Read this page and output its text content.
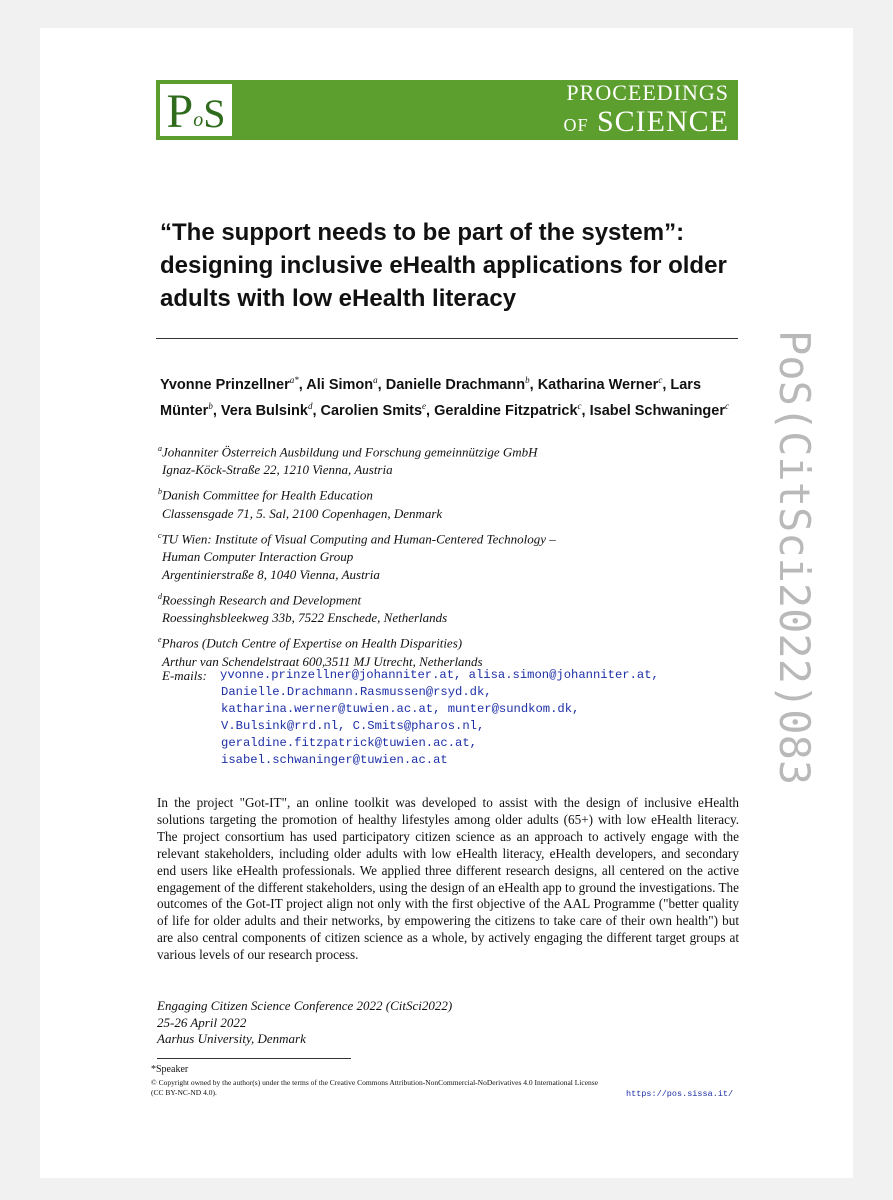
P o S	PROCEEDINGS
OF SCIENCE
“The support needs to be part of the system”: designing inclusive eHealth applications for older adults with low eHealth literacy
Yvonne Prinzellner$^{a*}$, Ali Simon$^a$, Danielle Drachmann$^b$, Katharina Werner$^c$, Lars Münter$^b$, Vera Bulsink$^d$, Carolien Smits$^e$, Geraldine Fitzpatrick$^c$, Isabel Schwaninger$^c$
$^a$Johanniter Österreich Ausbildung und Forschung gemeinnützige GmbH
Ignaz-Köck-Straße 22, 1210 Vienna, Austria
$^b$Danish Committee for Health Education
Classensgade 71, 5. Sal, 2100 Copenhagen, Denmark
$^c$TU Wien: Institute of Visual Computing and Human-Centered Technology –
Human Computer Interaction Group
Argentinierstraße 8, 1040 Vienna, Austria
$^d$Roessingh Research and Development
Roessinghsbleekweg 33b, 7522 Enschede, Netherlands
$^e$Pharos (Dutch Centre of Expertise on Health Disparities)
Arthur van Schendelstraat 600,3511 MJ Utrecht, Netherlands
E-mails: yvonne.prinzellner@johanniter.at, alisa.simon@johanniter.at,
Danielle.Drachmann.Rasmussen@rsyd.dk,
katharina.werner@tuwien.ac.at, munter@sundkom.dk,
V.Bulsink@rrd.nl, C.Smits@pharos.nl,
geraldine.fitzpatrick@tuwien.ac.at,
isabel.schwaninger@tuwien.ac.at

In the project "Got-IT", an online toolkit was developed to assist with the design of inclusive eHealth solutions targeting the promotion of healthy lifestyles among older adults (65+) with low eHealth literacy. The project consortium has used participatory citizen science as an approach to actively engage with the relevant stakeholders, including older adults with low eHealth literacy, eHealth developers, and secondary end users like eHealth professionals. We applied three different research designs, all centered on the active engagement of the different stakeholders, using the design of an eHealth app to ground the investigations. The outcomes of the Got-IT project align not only with the first objective of the AAL Programme ("better quality of life for older adults and their networks, by empowering the citizens to take care of their own health") but are also central components of citizen science as a whole, by actively engaging the different target groups at various levels of our research process.

Engaging Citizen Science Conference 2022 (CitSci2022)
25-26 April 2022
Aarhus University, Denmark
*Speaker
© Copyright owned by the author(s) under the terms of the Creative Commons Attribution-NonCommercial-NoDerivatives 4.0 International License (CC BY-NC-ND 4.0).	https://pos.sissa.it/
PoS(CitSci2022)083
